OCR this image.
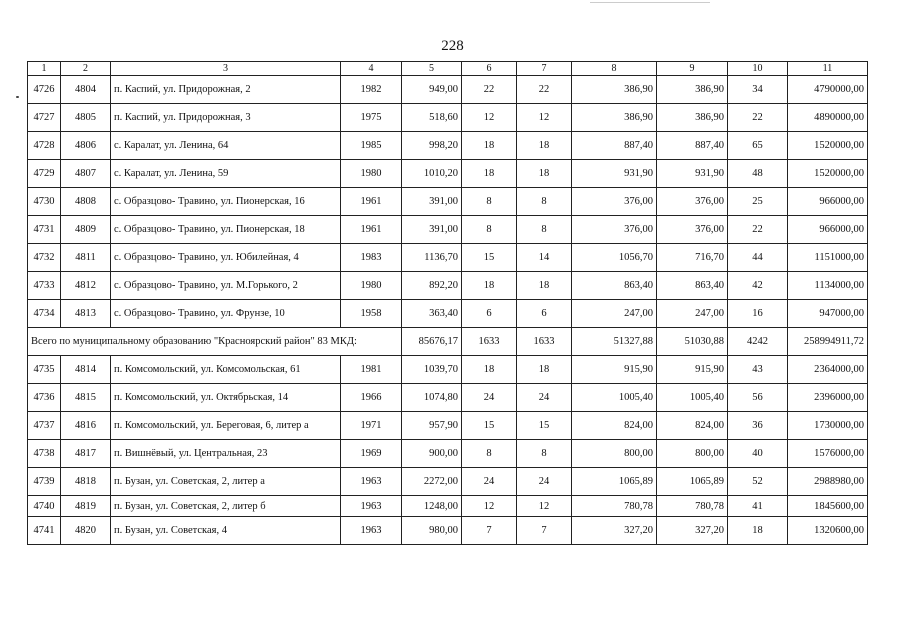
228
1	2	3	4	5	6	7	8	9	10	11
4726	4804	п. Каспий, ул. Придорожная, 2	1982	949,00	22	22	386,90	386,90	34	4790000,00
4727	4805	п. Каспий, ул. Придорожная, 3	1975	518,60	12	12	386,90	386,90	22	4890000,00
4728	4806	с. Каралат, ул. Ленина, 64	1985	998,20	18	18	887,40	887,40	65	1520000,00
4729	4807	с. Каралат, ул. Ленина, 59	1980	1010,20	18	18	931,90	931,90	48	1520000,00
4730	4808	с. Образцово- Травино, ул. Пионерская, 16	1961	391,00	8	8	376,00	376,00	25	966000,00
4731	4809	с. Образцово- Травино, ул. Пионерская, 18	1961	391,00	8	8	376,00	376,00	22	966000,00
4732	4811	с. Образцово- Травино, ул. Юбилейная, 4	1983	1136,70	15	14	1056,70	716,70	44	1151000,00
4733	4812	с. Образцово- Травино, ул. М.Горького, 2	1980	892,20	18	18	863,40	863,40	42	1134000,00
4734	4813	с. Образцово- Травино, ул. Фрунзе, 10	1958	363,40	6	6	247,00	247,00	16	947000,00
Всего по муниципальному образованию "Красноярский район" 83 МКД:				85676,17	1633	1633	51327,88	51030,88	4242	258994911,72
4735	4814	п. Комсомольский, ул. Комсомольская, 61	1981	1039,70	18	18	915,90	915,90	43	2364000,00
4736	4815	п. Комсомольский, ул. Октябрьская, 14	1966	1074,80	24	24	1005,40	1005,40	56	2396000,00
4737	4816	п. Комсомольский, ул. Береговая, 6, литер а	1971	957,90	15	15	824,00	824,00	36	1730000,00
4738	4817	п. Вишнёвый, ул. Центральная, 23	1969	900,00	8	8	800,00	800,00	40	1576000,00
4739	4818	п. Бузан, ул. Советская, 2, литер а	1963	2272,00	24	24	1065,89	1065,89	52	2988980,00
4740	4819	п. Бузан, ул. Советская, 2, литер б	1963	1248,00	12	12	780,78	780,78	41	1845600,00
4741	4820	п. Бузан, ул. Советская, 4	1963	980,00	7	7	327,20	327,20	18	1320600,00
